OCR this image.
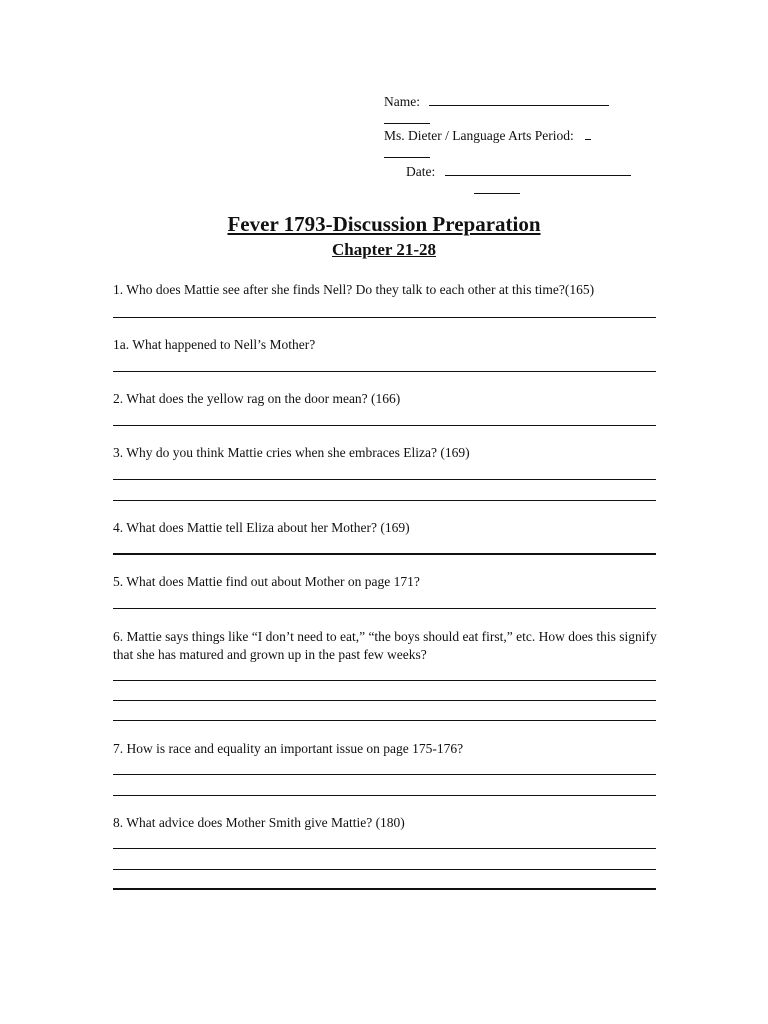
Name:
Ms. Dieter / Language Arts Period:
Date:
Fever 1793-Discussion Preparation
Chapter 21-28
1. Who does Mattie see after she finds Nell? Do they talk to each other at this time?(165)
1a. What happened to Nell’s Mother?
2. What does the yellow rag on the door mean? (166)
3. Why do you think Mattie cries when she embraces Eliza? (169)
4. What does Mattie tell Eliza about her Mother? (169)
5. What does Mattie find out about Mother on page 171?
6. Mattie says things like “I don’t need to eat,” “the boys should eat first,” etc. How does this signify that she has matured and grown up in the past few weeks?
7. How is race and equality an important issue on page 175-176?
8. What advice does Mother Smith give Mattie? (180)
